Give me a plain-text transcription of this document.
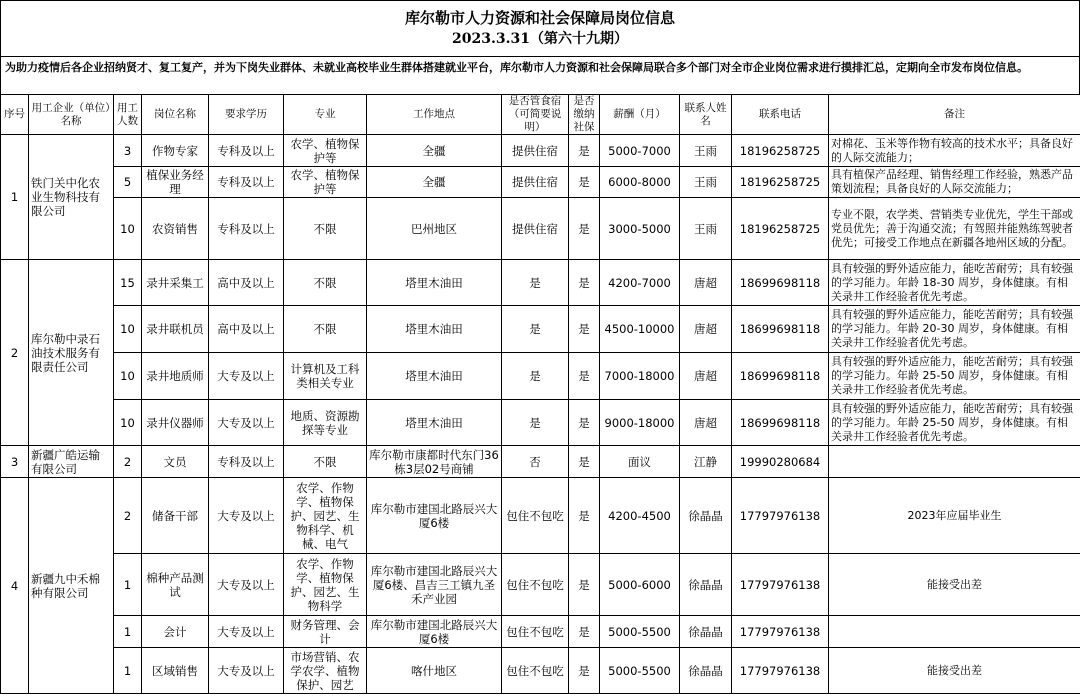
库尔勒市人力资源和社会保障局岗位信息
2023.3.31（第六十九期）
为助力疫情后各企业招纳贤才、复工复产，并为下岗失业群体、未就业高校毕业生群体搭建就业平台，库尔勒市人力资源和社会保障局联合多个部门对全市企业岗位需求进行摸排汇总，定期向全市发布岗位信息。
序号	用工企业（单位）名称	用工人数	岗位名称	要求学历	专业	工作地点	是否管食宿（可简要说明）	是否缴纳社保	薪酬（月）	联系人姓名	联系电话	备注
1	铁门关中化农业生物科技有限公司	3	作物专家	专科及以上	农学、植物保护等	全疆	提供住宿	是	5000-7000	王雨	18196258725	对棉花、玉米等作物有较高的技术水平；具备良好的人际交流能力；
		5	植保业务经理	专科及以上	农学、植物保护等	全疆	提供住宿	是	6000-8000	王雨	18196258725	具有植保产品经理、销售经理工作经验，熟悉产品策划流程；具备良好的人际交流能力；
		10	农资销售	专科及以上	不限	巴州地区	提供住宿	是	3000-5000	王雨	18196258725	专业不限，农学类、营销类专业优先，学生干部或党员优先；善于沟通交流；有驾照并能熟练驾驶者优先；可接受工作地点在新疆各地州区域的分配。
2	库尔勒中录石油技术服务有限责任公司	15	录井采集工	高中及以上	不限	塔里木油田	是	是	4200-7000	唐超	18699698118	具有较强的野外适应能力，能吃苦耐劳；具有较强的学习能力。年龄 18-30 周岁，身体健康。有相关录井工作经验者优先考虑。
		10	录井联机员	高中及以上	不限	塔里木油田	是	是	4500-10000	唐超	18699698118	具有较强的野外适应能力，能吃苦耐劳；具有较强的学习能力。年龄 20-30 周岁，身体健康。有相关录井工作经验者优先考虑。
		10	录井地质师	大专及以上	计算机及工科类相关专业	塔里木油田	是	是	7000-18000	唐超	18699698118	具有较强的野外适应能力，能吃苦耐劳；具有较强的学习能力。年龄 25-50 周岁，身体健康。有相关录井工作经验者优先考虑。
		10	录井仪器师	大专及以上	地质、资源勘探等专业	塔里木油田	是	是	9000-18000	唐超	18699698118	具有较强的野外适应能力，能吃苦耐劳；具有较强的学习能力。年龄 25-50 周岁，身体健康。有相关录井工作经验者优先考虑。
3	新疆广皓运输有限公司	2	文员	专科及以上	不限	库尔勒市康都时代东门36栋3层02号商铺	否	是	面议	江静	19990280684	
4	新疆九中禾棉种有限公司	2	储备干部	大专及以上	农学、作物学、植物保护、园艺、生物科学、机械、电气	库尔勒市建国北路辰兴大厦6楼	包住不包吃	是	4200-4500	徐晶晶	17797976138	2023年应届毕业生
		1	棉种产品测试	大专及以上	农学、作物学、植物保护、园艺、生物科学	库尔勒市建国北路辰兴大厦6楼、昌吉三工镇九圣禾产业园	包住不包吃	是	5000-6000	徐晶晶	17797976138	能接受出差
		1	会计	大专及以上	财务管理、会计	库尔勒市建国北路辰兴大厦6楼	包住不包吃	是	5000-5500	徐晶晶	17797976138	
		1	区域销售	大专及以上	市场营销、农学农学、植物保护、园艺	喀什地区	包住不包吃	是	5000-5500	徐晶晶	17797976138	能接受出差
